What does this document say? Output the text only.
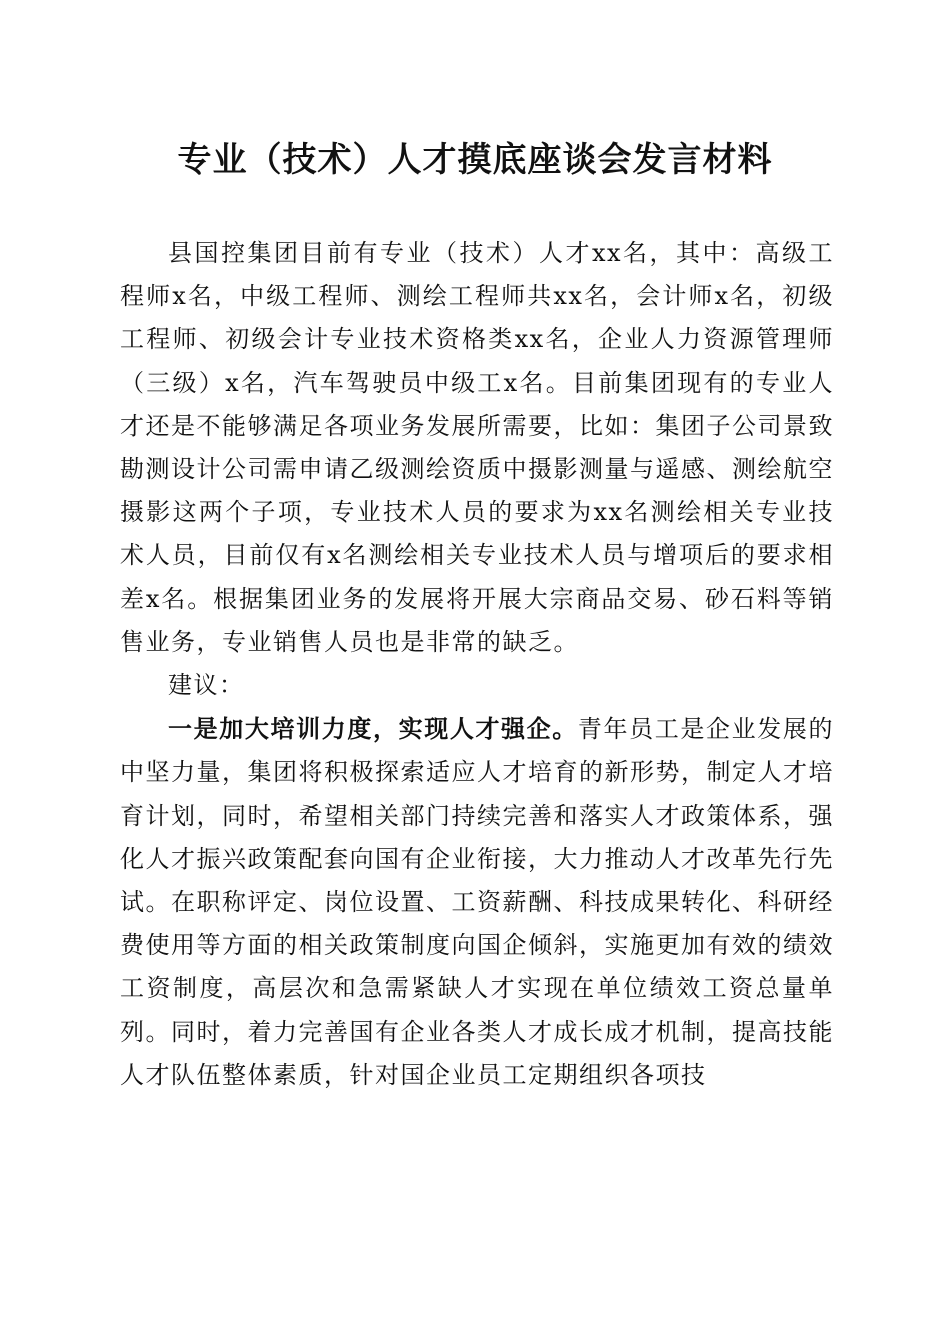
专业（技术）人才摸底座谈会发言材料

县国控集团目前有专业（技术）人才xx名，其中：高级工程师x名，中级工程师、测绘工程师共xx名，会计师x名，初级工程师、初级会计专业技术资格类xx名，企业人力资源管理师（三级）x名，汽车驾驶员中级工x名。目前集团现有的专业人才还是不能够满足各项业务发展所需要，比如：集团子公司景致勘测设计公司需申请乙级测绘资质中摄影测量与遥感、测绘航空摄影这两个子项，专业技术人员的要求为xx名测绘相关专业技术人员，目前仅有x名测绘相关专业技术人员与增项后的要求相差x名。根据集团业务的发展将开展大宗商品交易、砂石料等销售业务，专业销售人员也是非常的缺乏。

建议：

一是加大培训力度，实现人才强企。青年员工是企业发展的中坚力量，集团将积极探索适应人才培育的新形势，制定人才培育计划，同时，希望相关部门持续完善和落实人才政策体系，强化人才振兴政策配套向国有企业衔接，大力推动人才改革先行先试。在职称评定、岗位设置、工资薪酬、科技成果转化、科研经费使用等方面的相关政策制度向国企倾斜，实施更加有效的绩效工资制度，高层次和急需紧缺人才实现在单位绩效工资总量单列。同时，着力完善国有企业各类人才成长成才机制，提高技能人才队伍整体素质，针对国企业员工定期组织各项技
